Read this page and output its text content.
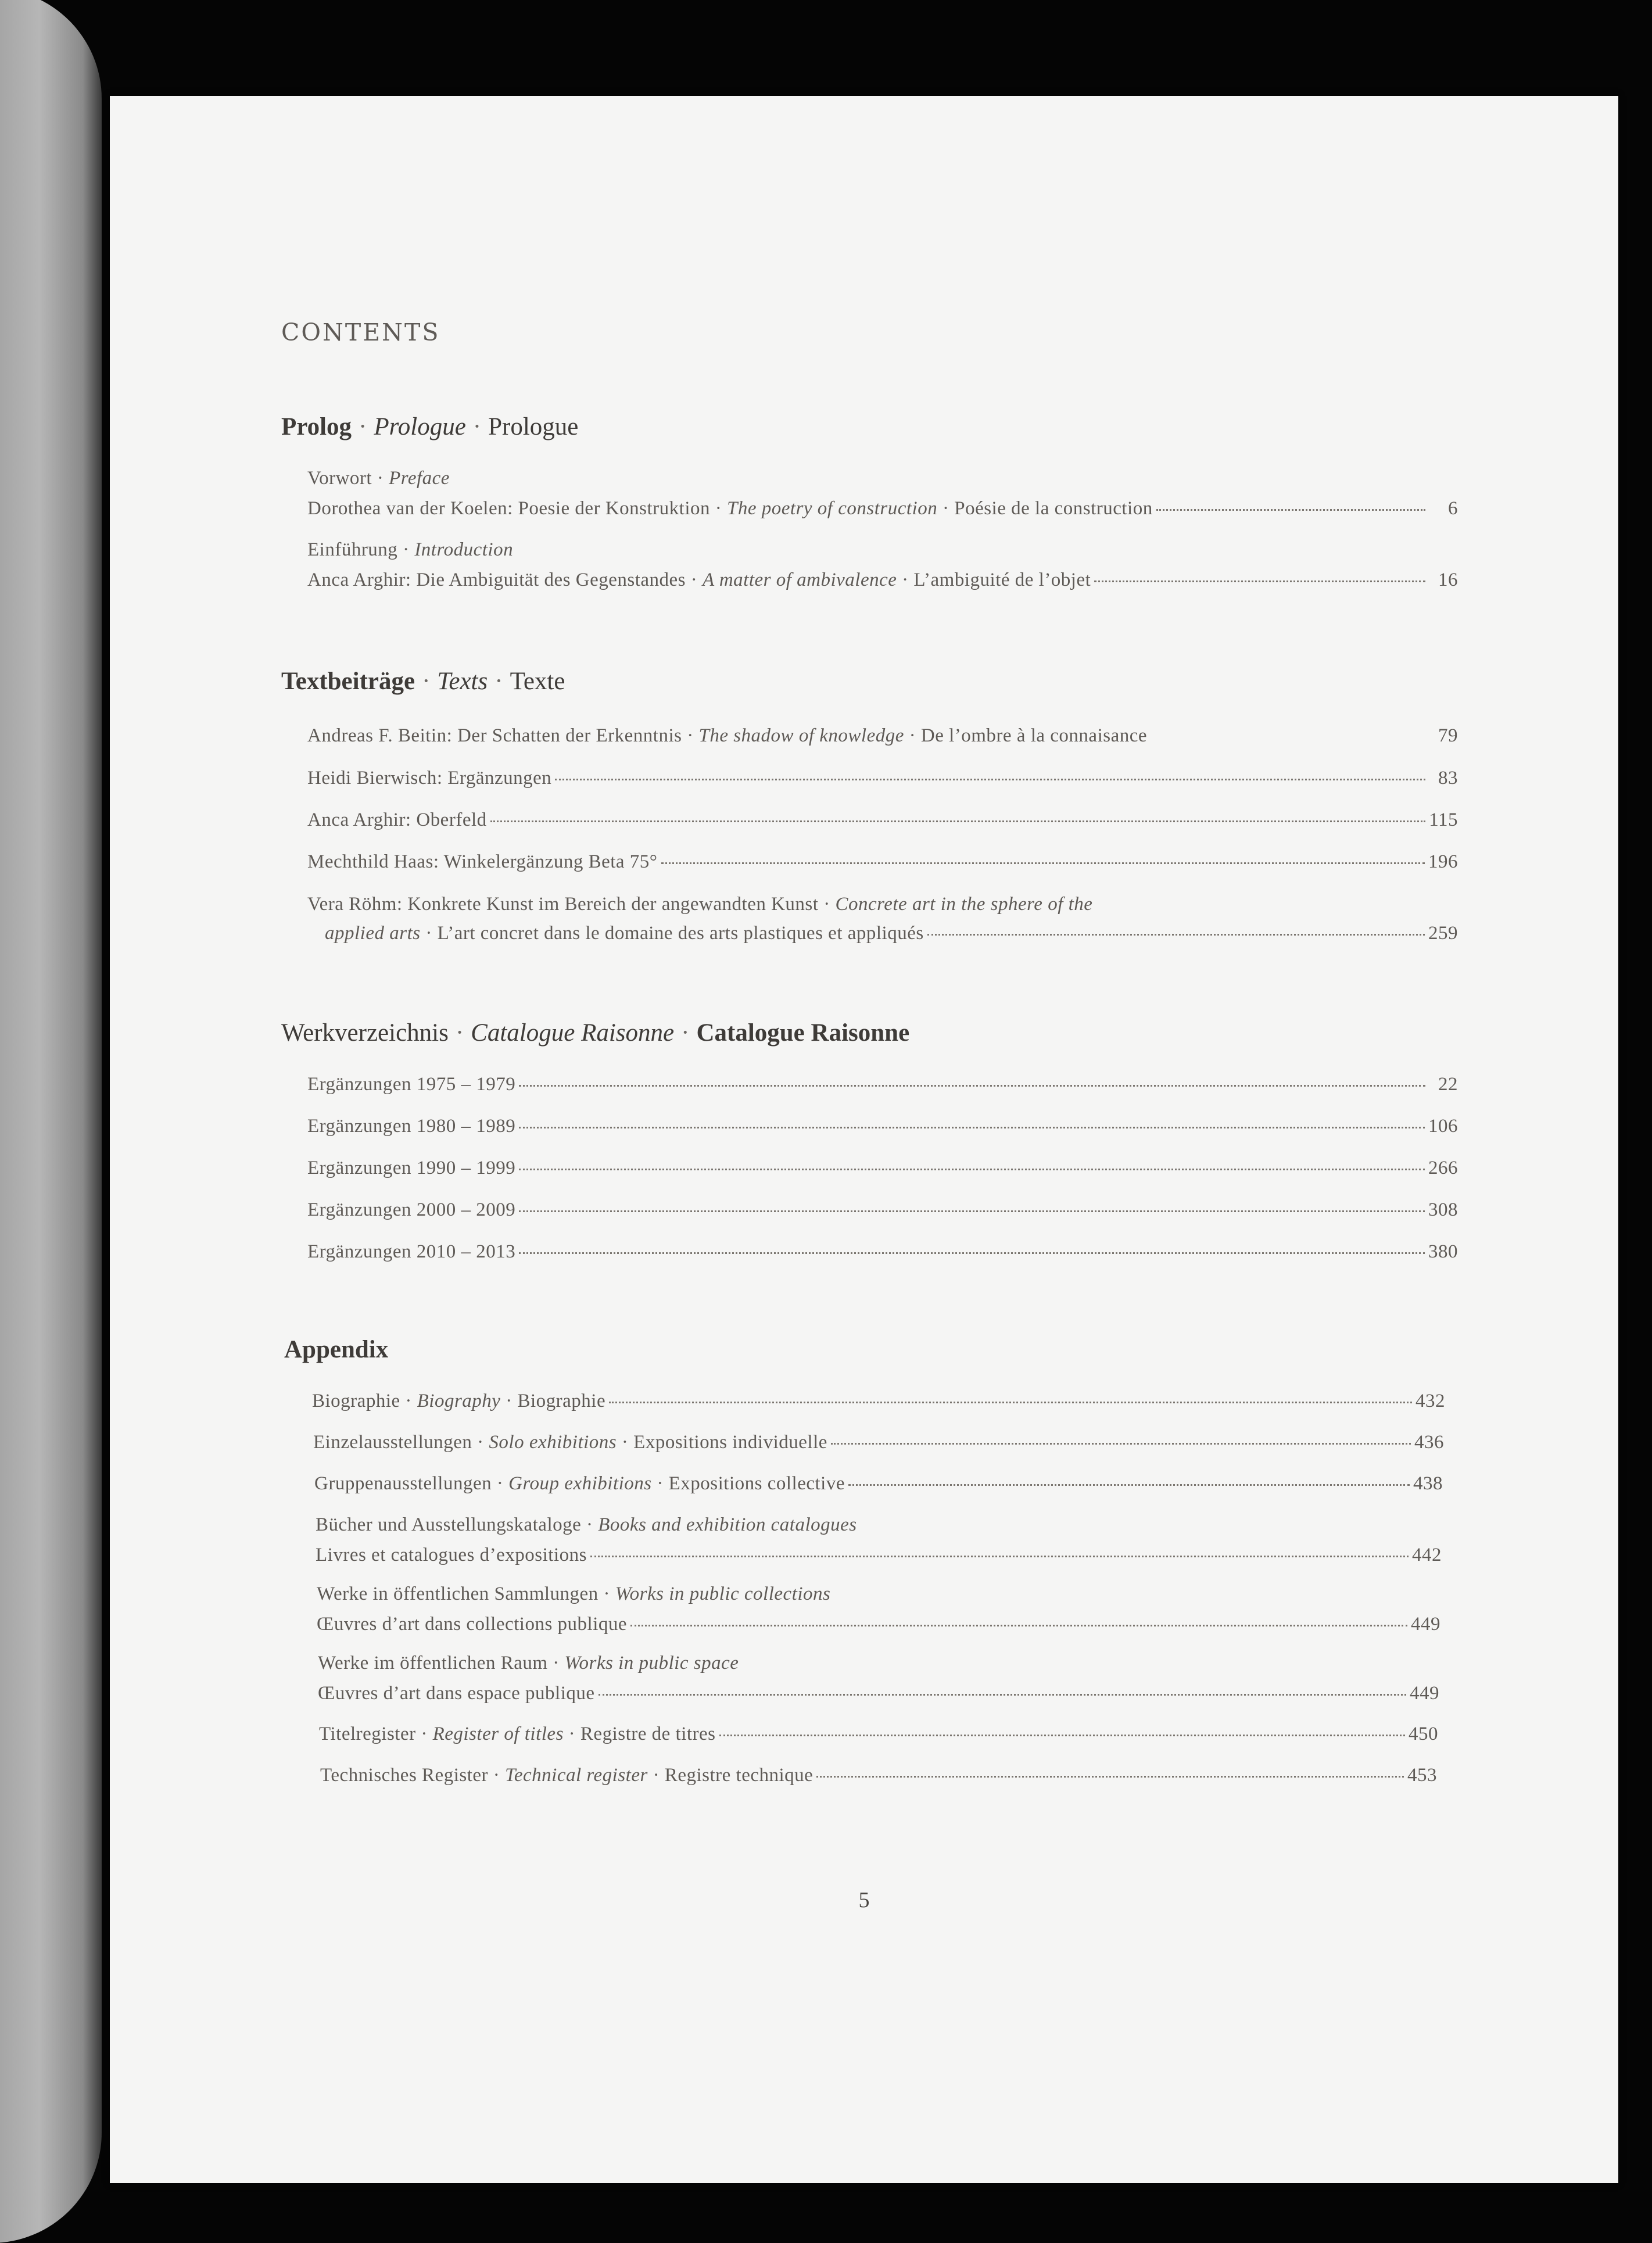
CONTENTS
Prolog · Prologue · Prologue
Vorwort · Preface
Dorothea van der Koelen: Poesie der Konstruktion · The poetry of construction · Poésie de la construction	6
Einführung · Introduction
Anca Arghir: Die Ambiguität des Gegenstandes · A matter of ambivalence · L’ambiguité de l’objet	16
Textbeiträge · Texts · Texte
Andreas F. Beitin: Der Schatten der Erkenntnis · The shadow of knowledge · De l’ombre à la connaisance	79
Heidi Bierwisch: Ergänzungen	83
Anca Arghir: Oberfeld	115
Mechthild Haas: Winkelergänzung Beta 75°	196
Vera Röhm: Konkrete Kunst im Bereich der angewandten Kunst · Concrete art in the sphere of the
applied arts · L’art concret dans le domaine des arts plastiques et appliqués	259
Werkverzeichnis · Catalogue Raisonne · Catalogue Raisonne
Ergänzungen 1975 – 1979	22
Ergänzungen 1980 – 1989	106
Ergänzungen 1990 – 1999	266
Ergänzungen 2000 – 2009	308
Ergänzungen 2010 – 2013	380
Appendix
Biographie · Biography · Biographie	432
Einzelausstellungen · Solo exhibitions · Expositions individuelle	436
Gruppenausstellungen · Group exhibitions · Expositions collective	438
Bücher und Ausstellungskataloge · Books and exhibition catalogues
Livres et catalogues d’expositions	442
Werke in öffentlichen Sammlungen · Works in public collections
Œuvres d’art dans collections publique	449
Werke im öffentlichen Raum · Works in public space
Œuvres d’art dans espace publique	449
Titelregister · Register of titles · Registre de titres	450
Technisches Register · Technical register · Registre technique	453
5
